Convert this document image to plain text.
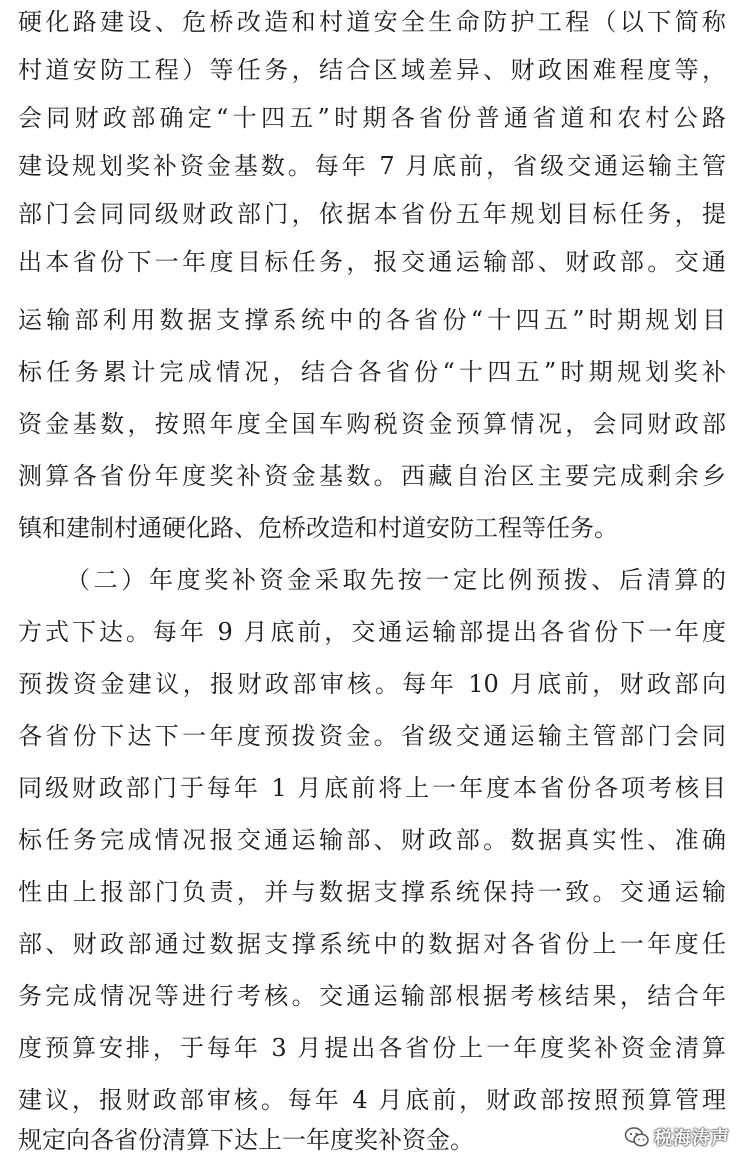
硬化路建设、危桥改造和村道安全生命防护工程（以下简称
村道安防工程）等任务，结合区域差异、财政困难程度等，
会同财政部确定“十四五”时期各省份普通省道和农村公路
建设规划奖补资金基数。每年 7 月底前，省级交通运输主管
部门会同同级财政部门，依据本省份五年规划目标任务，提
出本省份下一年度目标任务，报交通运输部、财政部。交通
运输部利用数据支撑系统中的各省份“十四五”时期规划目
标任务累计完成情况，结合各省份“十四五”时期规划奖补
资金基数，按照年度全国车购税资金预算情况，会同财政部
测算各省份年度奖补资金基数。西藏自治区主要完成剩余乡
镇和建制村通硬化路、危桥改造和村道安防工程等任务。
（二）年度奖补资金采取先按一定比例预拨、后清算的
方式下达。每年 9 月底前，交通运输部提出各省份下一年度
预拨资金建议，报财政部审核。每年 10 月底前，财政部向
各省份下达下一年度预拨资金。省级交通运输主管部门会同
同级财政部门于每年 1 月底前将上一年度本省份各项考核目
标任务完成情况报交通运输部、财政部。数据真实性、准确
性由上报部门负责，并与数据支撑系统保持一致。交通运输
部、财政部通过数据支撑系统中的数据对各省份上一年度任
务完成情况等进行考核。交通运输部根据考核结果，结合年
度预算安排，于每年 3 月提出各省份上一年度奖补资金清算
建议，报财政部审核。每年 4 月底前，财政部按照预算管理
规定向各省份清算下达上一年度奖补资金。	税海涛声
